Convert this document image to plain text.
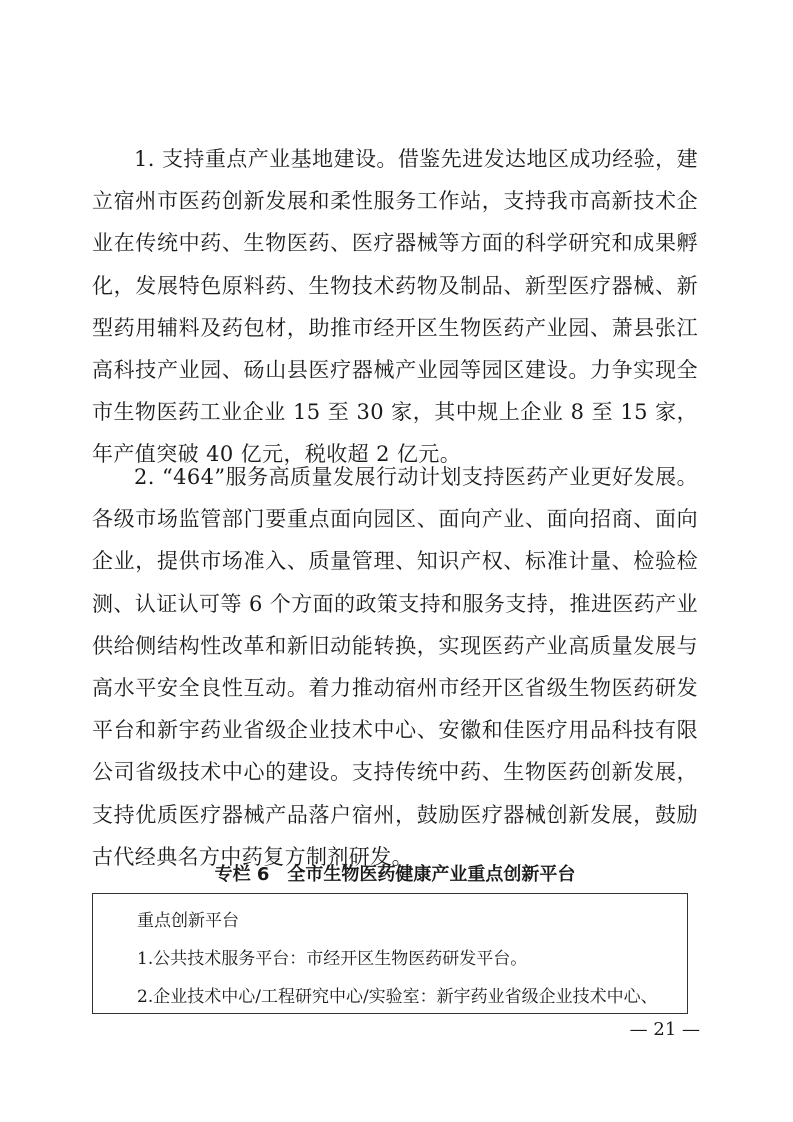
1. 支持重点产业基地建设。借鉴先进发达地区成功经验，建立宿州市医药创新发展和柔性服务工作站，支持我市高新技术企业在传统中药、生物医药、医疗器械等方面的科学研究和成果孵化，发展特色原料药、生物技术药物及制品、新型医疗器械、新型药用辅料及药包材，助推市经开区生物医药产业园、萧县张江高科技产业园、砀山县医疗器械产业园等园区建设。力争实现全市生物医药工业企业 15 至 30 家，其中规上企业 8 至 15 家，年产值突破 40 亿元，税收超 2 亿元。

2. “464”服务高质量发展行动计划支持医药产业更好发展。各级市场监管部门要重点面向园区、面向产业、面向招商、面向企业，提供市场准入、质量管理、知识产权、标准计量、检验检测、认证认可等 6 个方面的政策支持和服务支持，推进医药产业供给侧结构性改革和新旧动能转换，实现医药产业高质量发展与高水平安全良性互动。着力推动宿州市经开区省级生物医药研发平台和新宇药业省级企业技术中心、安徽和佳医疗用品科技有限公司省级技术中心的建设。支持传统中药、生物医药创新发展，支持优质医疗器械产品落户宿州，鼓励医疗器械创新发展，鼓励古代经典名方中药复方制剂研发。

专栏 6　全市生物医药健康产业重点创新平台
重点创新平台
1.公共技术服务平台：市经开区生物医药研发平台。
2.企业技术中心/工程研究中心/实验室：新宇药业省级企业技术中心、
— 21 —
